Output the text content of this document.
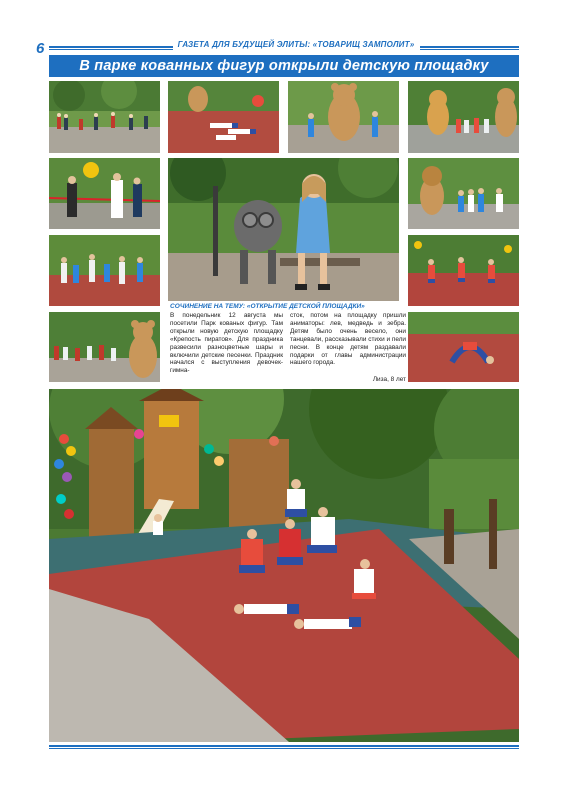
6	ГАЗЕТА ДЛЯ БУДУЩЕЙ ЭЛИТЫ: «ТОВАРИЩ ЗАМПОЛИТ»
В парке кованных фигур открыли детскую площадку
СОЧИНЕНИЕ НА ТЕМУ: «ОТКРЫТИЕ ДЕТСКОЙ ПЛОЩАДКИ»

В понедельник 12 августа мы посетили Парк кованых фигур. Там открыли новую детскую площадку «Крепость пиратов». Для праздника развесили разноцветные шары и включили детские песенки. Праздник начался с выступления девочек-гимна-

сток, потом на площадку пришли аниматоры: лев, медведь и зебра. Детям было очень весело, они танцевали, рассказывали стихи и пели песни. В конце детям раздавали подарки от главы администрации нашего города.

Лиза, 8 лет
